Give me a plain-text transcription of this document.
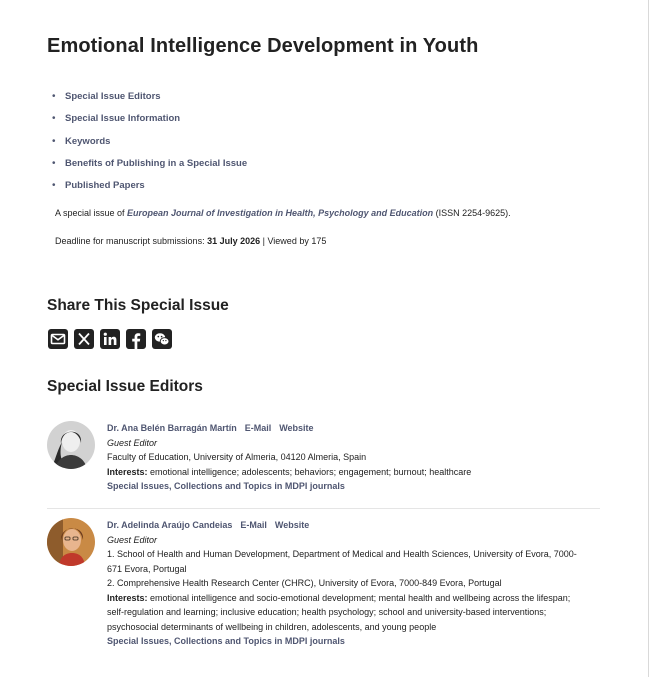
Emotional Intelligence Development in Youth
• Special Issue Editors
• Special Issue Information
• Keywords
• Benefits of Publishing in a Special Issue
• Published Papers
A special issue of European Journal of Investigation in Health, Psychology and Education (ISSN 2254-9625).
Deadline for manuscript submissions: 31 July 2026 | Viewed by 175
Share This Special Issue
Special Issue Editors
Dr. Ana Belén Barragán Martín E-Mail Website
Guest Editor
Faculty of Education, University of Almeria, 04120 Almeria, Spain
Interests: emotional intelligence; adolescents; behaviors; engagement; burnout; healthcare
Special Issues, Collections and Topics in MDPI journals
Dr. Adelinda Araújo Candeias E-Mail Website
Guest Editor
1. School of Health and Human Development, Department of Medical and Health Sciences, University of Evora, 7000-671 Evora, Portugal
2. Comprehensive Health Research Center (CHRC), University of Evora, 7000-849 Evora, Portugal
Interests: emotional intelligence and socio-emotional development; mental health and wellbeing across the lifespan; self-regulation and learning; inclusive education; health psychology; school and university-based interventions; psychosocial determinants of wellbeing in children, adolescents, and young people
Special Issues, Collections and Topics in MDPI journals
